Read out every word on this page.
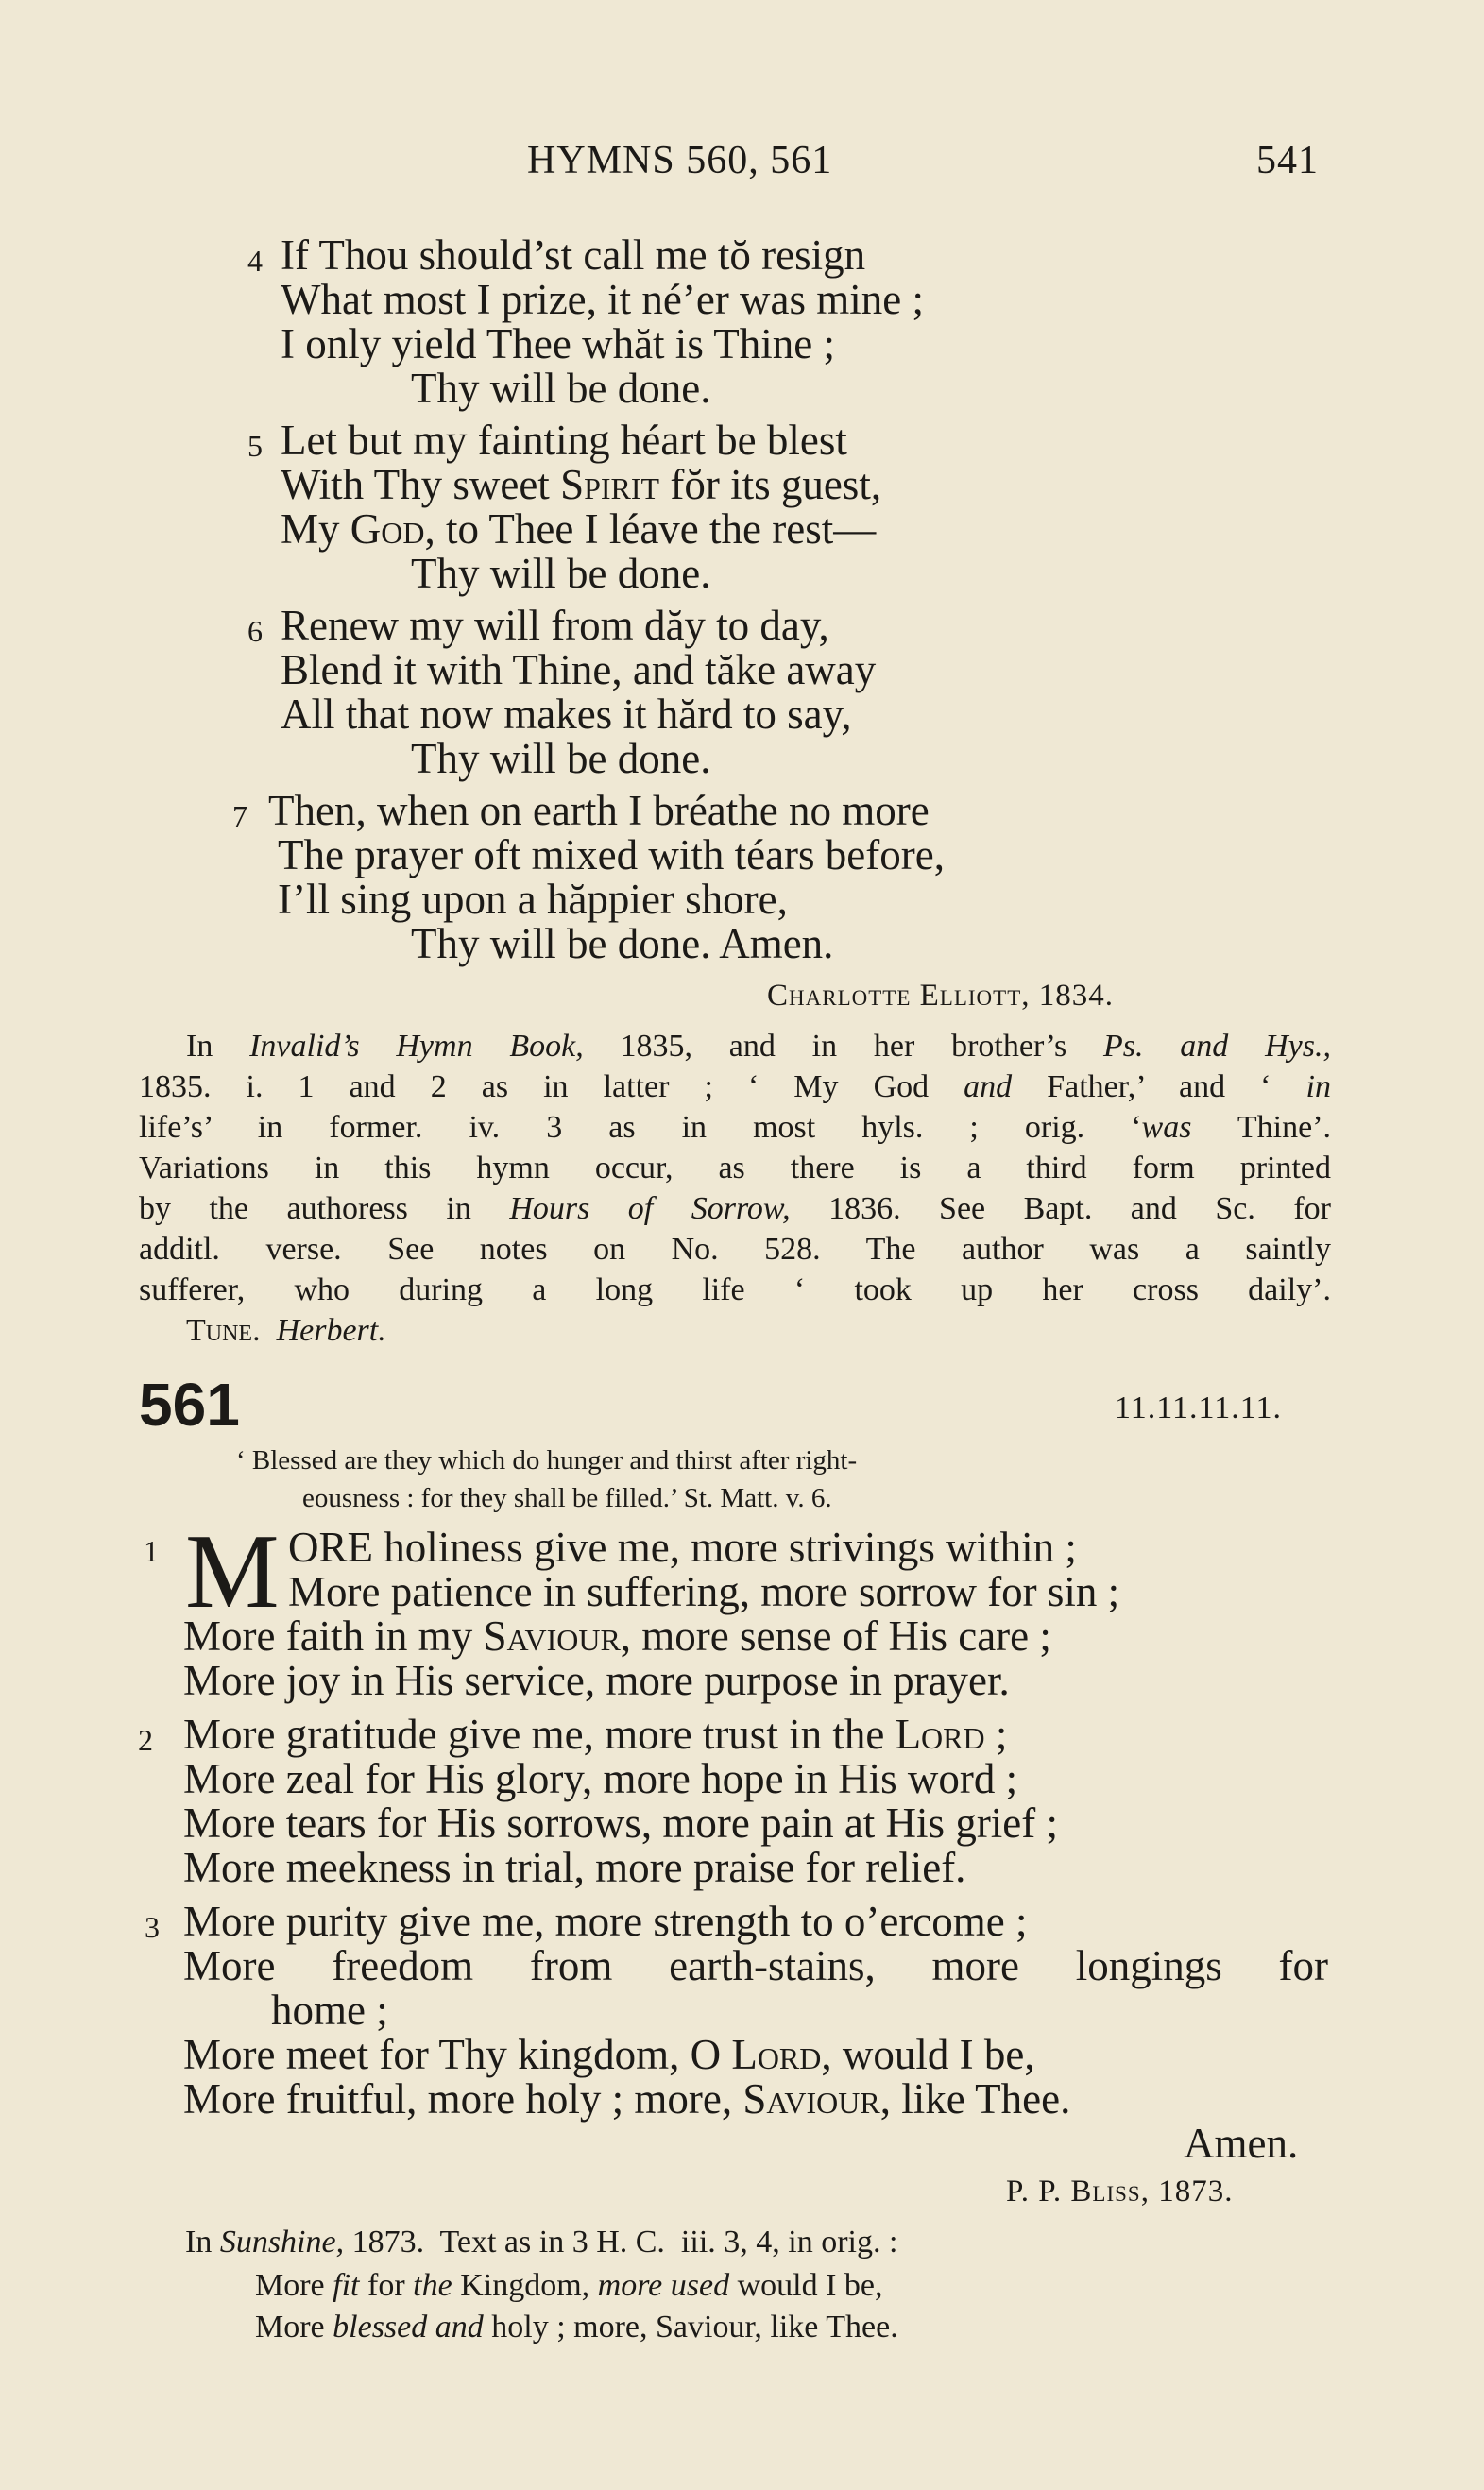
HYMNS 560, 561	541
4 If Thou should’st call me tŏ resign
What most I prize, it né’er was mine ;
I only yield Thee whăt is Thine ;
Thy will be done.
5 Let but my fainting héart be blest
With Thy sweet Spirit fŏr its guest,
My God, to Thee I léave the rest—
Thy will be done.
6 Renew my will from dăy to day,
Blend it with Thine, and tăke away
All that now makes it hărd to say,
Thy will be done.
7 Then, when on earth I bréathe no more
The prayer oft mixed with téars before,
I’ll sing upon a hăppier shore,
Thy will be done. Amen.
Charlotte Elliott, 1834.
In Invalid’s Hymn Book, 1835, and in her brother’s Ps. and Hys.,
1835. i. 1 and 2 as in latter ; ‘ My God and Father,’ and ‘ in
life’s’ in former. iv. 3 as in most hyls. ; orig. ‘was Thine’.
Variations in this hymn occur, as there is a third form printed
by the authoress in Hours of Sorrow, 1836. See Bapt. and Sc. for
additl. verse. See notes on No. 528. The author was a saintly
sufferer, who during a long life ‘ took up her cross daily’.
Tune. Herbert.
561	11.11.11.11.
‘ Blessed are they which do hunger and thirst after right-
eousness : for they shall be filled.’ St. Matt. v. 6.
1 M ORE holiness give me, more strivings within ;
More patience in suffering, more sorrow for sin ;
More faith in my Saviour, more sense of His care ;
More joy in His service, more purpose in prayer.
2 More gratitude give me, more trust in the Lord ;
More zeal for His glory, more hope in His word ;
More tears for His sorrows, more pain at His grief ;
More meekness in trial, more praise for relief.
3 More purity give me, more strength to o’ercome ;
More freedom from earth-stains, more longings for
home ;
More meet for Thy kingdom, O Lord, would I be,
More fruitful, more holy ; more, Saviour, like Thee.
Amen.
P. P. Bliss, 1873.
In Sunshine, 1873.  Text as in 3 H. C.  iii. 3, 4, in orig. :
More fit for the Kingdom, more used would I be,
More blessed and holy ; more, Saviour, like Thee.
